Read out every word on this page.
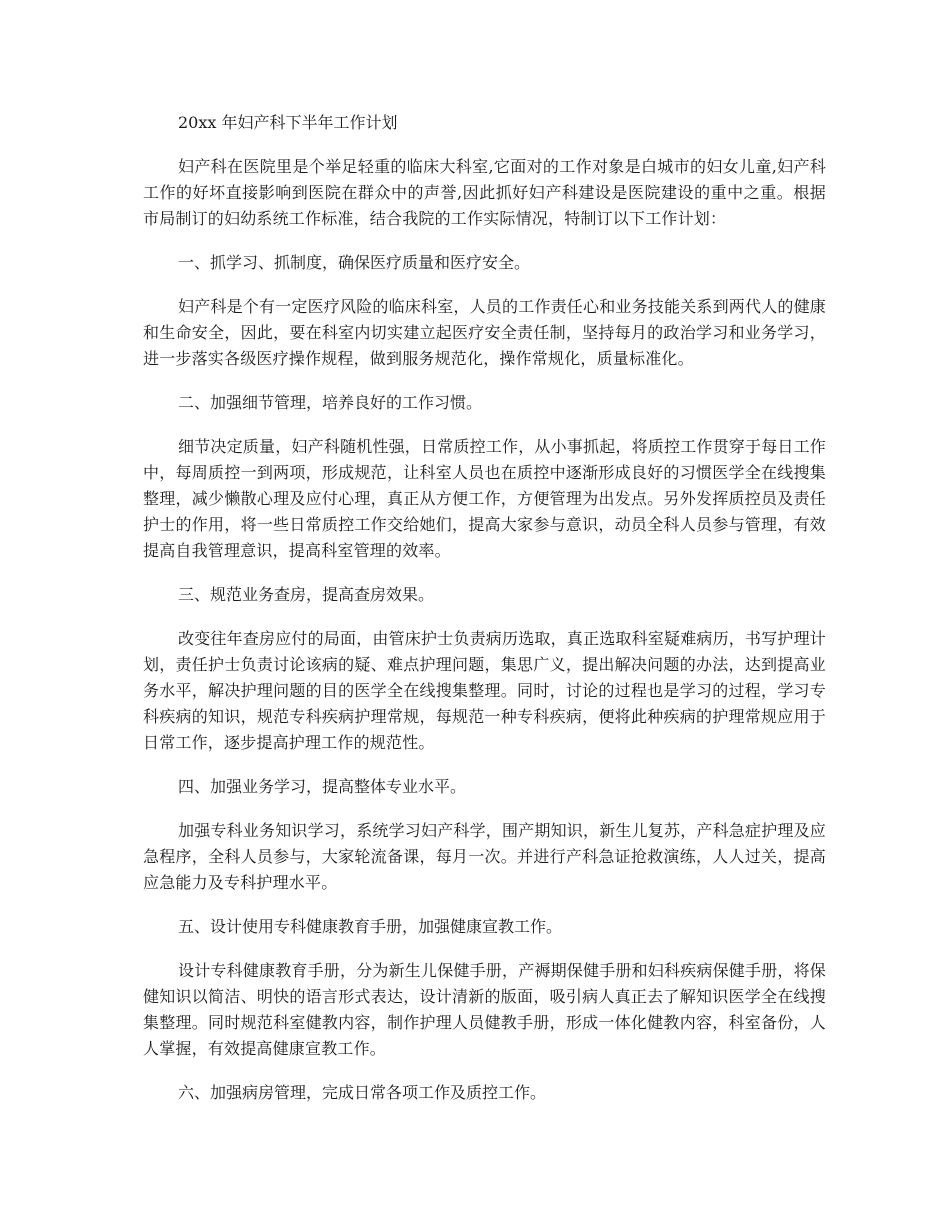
20xx 年妇产科下半年工作计划

妇产科在医院里是个举足轻重的临床大科室,它面对的工作对象是白城市的妇女儿童,妇产科工作的好坏直接影响到医院在群众中的声誉,因此抓好妇产科建设是医院建设的重中之重。根据市局制订的妇幼系统工作标准，结合我院的工作实际情况，特制订以下工作计划：

一、抓学习、抓制度，确保医疗质量和医疗安全。

妇产科是个有一定医疗风险的临床科室，人员的工作责任心和业务技能关系到两代人的健康和生命安全，因此，要在科室内切实建立起医疗安全责任制，坚持每月的政治学习和业务学习，进一步落实各级医疗操作规程，做到服务规范化，操作常规化，质量标准化。

二、加强细节管理，培养良好的工作习惯。

细节决定质量，妇产科随机性强，日常质控工作，从小事抓起，将质控工作贯穿于每日工作中，每周质控一到两项，形成规范，让科室人员也在质控中逐渐形成良好的习惯医学全在线搜集整理，减少懒散心理及应付心理，真正从方便工作，方便管理为出发点。另外发挥质控员及责任护士的作用，将一些日常质控工作交给她们，提高大家参与意识，动员全科人员参与管理，有效提高自我管理意识，提高科室管理的效率。

三、规范业务查房，提高查房效果。

改变往年查房应付的局面，由管床护士负责病历选取，真正选取科室疑难病历，书写护理计划，责任护士负责讨论该病的疑、难点护理问题，集思广义，提出解决问题的办法，达到提高业务水平，解决护理问题的目的医学全在线搜集整理。同时，讨论的过程也是学习的过程，学习专科疾病的知识，规范专科疾病护理常规，每规范一种专科疾病，便将此种疾病的护理常规应用于日常工作，逐步提高护理工作的规范性。

四、加强业务学习，提高整体专业水平。

加强专科业务知识学习，系统学习妇产科学，围产期知识，新生儿复苏，产科急症护理及应急程序，全科人员参与，大家轮流备课，每月一次。并进行产科急证抢救演练，人人过关，提高应急能力及专科护理水平。

五、设计使用专科健康教育手册，加强健康宣教工作。

设计专科健康教育手册，分为新生儿保健手册，产褥期保健手册和妇科疾病保健手册，将保健知识以简洁、明快的语言形式表达，设计清新的版面，吸引病人真正去了解知识医学全在线搜集整理。同时规范科室健教内容，制作护理人员健教手册，形成一体化健教内容，科室备份，人人掌握，有效提高健康宣教工作。

六、加强病房管理，完成日常各项工作及质控工作。
